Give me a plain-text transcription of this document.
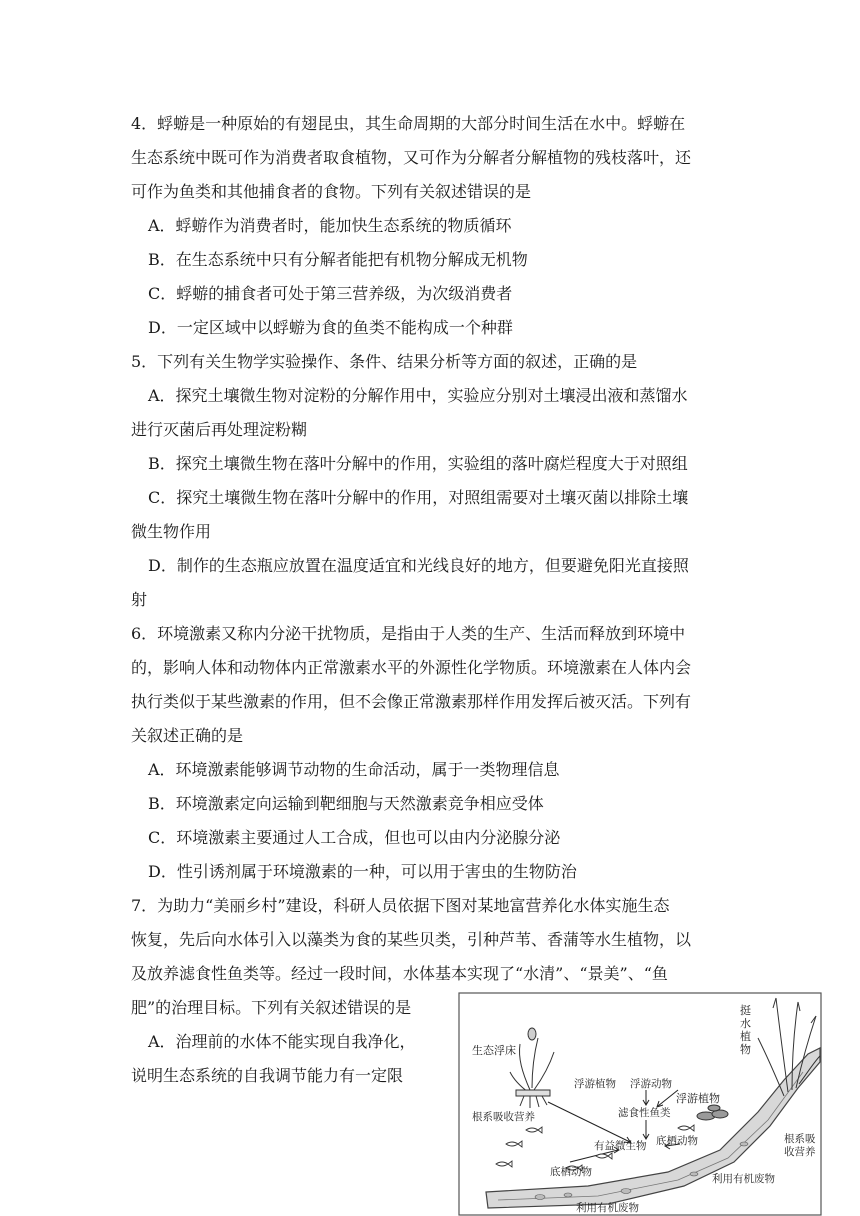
4．蜉蝣是一种原始的有翅昆虫，其生命周期的大部分时间生活在水中。蜉蝣在
生态系统中既可作为消费者取食植物，又可作为分解者分解植物的残枝落叶，还
可作为鱼类和其他捕食者的食物。下列有关叙述错误的是
A．蜉蝣作为消费者时，能加快生态系统的物质循环
B．在生态系统中只有分解者能把有机物分解成无机物
C．蜉蝣的捕食者可处于第三营养级，为次级消费者
D．一定区域中以蜉蝣为食的鱼类不能构成一个种群
5．下列有关生物学实验操作、条件、结果分析等方面的叙述，正确的是
A．探究土壤微生物对淀粉的分解作用中，实验应分别对土壤浸出液和蒸馏水
进行灭菌后再处理淀粉糊
B．探究土壤微生物在落叶分解中的作用，实验组的落叶腐烂程度大于对照组
C．探究土壤微生物在落叶分解中的作用，对照组需要对土壤灭菌以排除土壤
微生物作用
D．制作的生态瓶应放置在温度适宜和光线良好的地方，但要避免阳光直接照
射
6．环境激素又称内分泌干扰物质，是指由于人类的生产、生活而释放到环境中
的，影响人体和动物体内正常激素水平的外源性化学物质。环境激素在人体内会
执行类似于某些激素的作用，但不会像正常激素那样作用发挥后被灭活。下列有
关叙述正确的是
A．环境激素能够调节动物的生命活动，属于一类物理信息
B．环境激素定向运输到靶细胞与天然激素竞争相应受体
C．环境激素主要通过人工合成，但也可以由内分泌腺分泌
D．性引诱剂属于环境激素的一种，可以用于害虫的生物防治
7．为助力“美丽乡村”建设，科研人员依据下图对某地富营养化水体实施生态
恢复，先后向水体引入以藻类为食的某些贝类，引种芦苇、香蒲等水生植物，以
及放养滤食性鱼类等。经过一段时间，水体基本实现了“水清”、“景美”、“鱼
肥”的治理目标。下列有关叙述错误的是
A．治理前的水体不能实现自我净化，
说明生态系统的自我调节能力有一定限
挺水植物
生态浮床
浮游植物
浮游植物 浮游动物
滤食性鱼类
有益微生物 底栖动物
底栖动物
根系吸收营养
根系吸收营养
利用有机废物
利用有机废物
